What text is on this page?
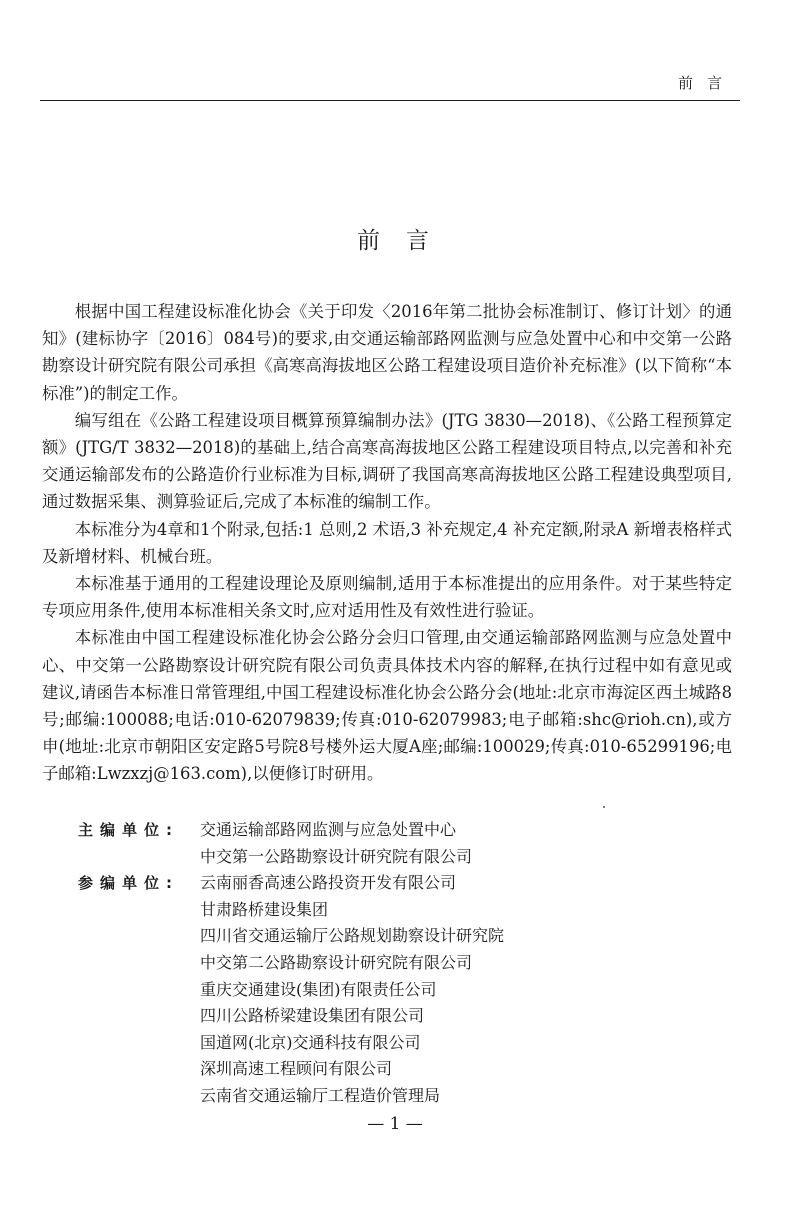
前言
前言

根据中国工程建设标准化协会《关于印发〈2016年第二批协会标准制订、修订计划〉的通知》(建标协字〔2016〕084号)的要求,由交通运输部路网监测与应急处置中心和中交第一公路勘察设计研究院有限公司承担《高寒高海拔地区公路工程建设项目造价补充标准》(以下简称“本标准”)的制定工作。

编写组在《公路工程建设项目概算预算编制办法》(JTG 3830—2018)、《公路工程预算定额》(JTG/T 3832—2018)的基础上,结合高寒高海拔地区公路工程建设项目特点,以完善和补充交通运输部发布的公路造价行业标准为目标,调研了我国高寒高海拔地区公路工程建设典型项目,通过数据采集、测算验证后,完成了本标准的编制工作。

本标准分为4章和1个附录,包括:1 总则,2 术语,3 补充规定,4 补充定额,附录A 新增表格样式及新增材料、机械台班。

本标准基于通用的工程建设理论及原则编制,适用于本标准提出的应用条件。对于某些特定专项应用条件,使用本标准相关条文时,应对适用性及有效性进行验证。

本标准由中国工程建设标准化协会公路分会归口管理,由交通运输部路网监测与应急处置中心、中交第一公路勘察设计研究院有限公司负责具体技术内容的解释,在执行过程中如有意见或建议,请函告本标准日常管理组,中国工程建设标准化协会公路分会(地址:北京市海淀区西土城路8号;邮编:100088;电话:010-62079839;传真:010-62079983;电子邮箱:shc@rioh.cn),或方申(地址:北京市朝阳区安定路5号院8号楼外运大厦A座;邮编:100029;传真:010-65299196;电子邮箱:Lwzxzj@163.com),以便修订时研用。

主编单位:	交通运输部路网监测与应急处置中心
中交第一公路勘察设计研究院有限公司
参编单位:	云南丽香高速公路投资开发有限公司
甘肃路桥建设集团
四川省交通运输厅公路规划勘察设计研究院
中交第二公路勘察设计研究院有限公司
重庆交通建设(集团)有限责任公司
四川公路桥梁建设集团有限公司
国道网(北京)交通科技有限公司
深圳高速工程顾问有限公司
云南省交通运输厅工程造价管理局
— 1 —
